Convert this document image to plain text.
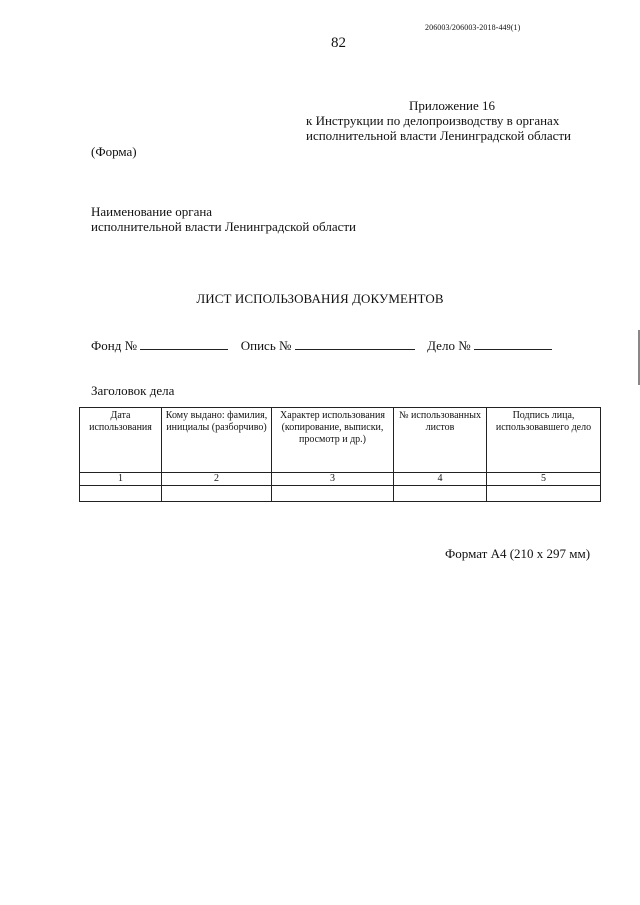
206003/206003-2018-449(1)
82
Приложение 16
к Инструкции по делопроизводству в органах
исполнительной власти Ленинградской области
(Форма)
Наименование органа
исполнительной власти Ленинградской области
ЛИСТ ИСПОЛЬЗОВАНИЯ ДОКУМЕНТОВ
Фонд №	Опись №	Дело №
Заголовок дела
Дата использования	Кому выдано: фамилия, инициалы (разборчиво)	Характер использования (копирование, выписки, просмотр и др.)	№ использованных листов	Подпись лица, использовавшего дело
1	2	3	4	5

Формат А4 (210 х 297 мм)
